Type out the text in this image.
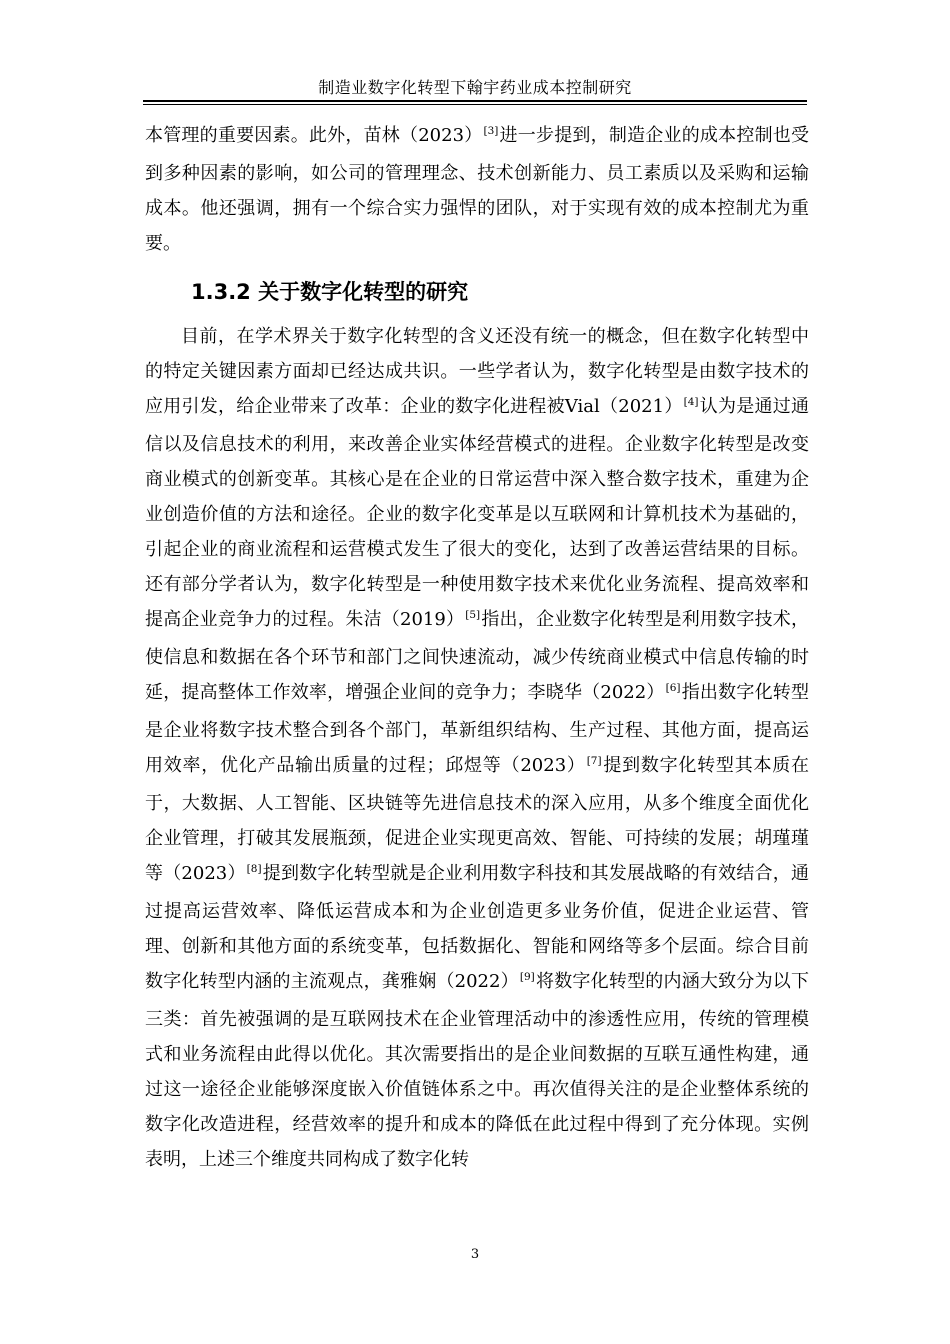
制造业数字化转型下翰宇药业成本控制研究

本管理的重要因素。此外，苗林（2023）[3]进一步提到，制造企业的成本控制也受到多种因素的影响，如公司的管理理念、技术创新能力、员工素质以及采购和运输成本。他还强调，拥有一个综合实力强悍的团队，对于实现有效的成本控制尤为重要。

1.3.2 关于数字化转型的研究

目前，在学术界关于数字化转型的含义还没有统一的概念，但在数字化转型中的特定关键因素方面却已经达成共识。一些学者认为，数字化转型是由数字技术的应用引发，给企业带来了改革：企业的数字化进程被Vial（2021）[4]认为是通过通信以及信息技术的利用，来改善企业实体经营模式的进程。企业数字化转型是改变商业模式的创新变革。其核心是在企业的日常运营中深入整合数字技术，重建为企业创造价值的方法和途径。企业的数字化变革是以互联网和计算机技术为基础的，引起企业的商业流程和运营模式发生了很大的变化，达到了改善运营结果的目标。还有部分学者认为，数字化转型是一种使用数字技术来优化业务流程、提高效率和提高企业竞争力的过程。朱洁（2019）[5]指出，企业数字化转型是利用数字技术，使信息和数据在各个环节和部门之间快速流动，减少传统商业模式中信息传输的时延，提高整体工作效率，增强企业间的竞争力；李晓华（2022）[6]指出数字化转型是企业将数字技术整合到各个部门，革新组织结构、生产过程、其他方面，提高运用效率，优化产品输出质量的过程；邱煜等（2023）[7]提到数字化转型其本质在于，大数据、人工智能、区块链等先进信息技术的深入应用，从多个维度全面优化企业管理，打破其发展瓶颈，促进企业实现更高效、智能、可持续的发展；胡瑾瑾等（2023）[8]提到数字化转型就是企业利用数字科技和其发展战略的有效结合，通过提高运营效率、降低运营成本和为企业创造更多业务价值，促进企业运营、管理、创新和其他方面的系统变革，包括数据化、智能和网络等多个层面。综合目前数字化转型内涵的主流观点，龚雅娴（2022）[9]将数字化转型的内涵大致分为以下三类：首先被强调的是互联网技术在企业管理活动中的渗透性应用，传统的管理模式和业务流程由此得以优化。其次需要指出的是企业间数据的互联互通性构建，通过这一途径企业能够深度嵌入价值链体系之中。再次值得关注的是企业整体系统的数字化改造进程，经营效率的提升和成本的降低在此过程中得到了充分体现。实例表明，上述三个维度共同构成了数字化转

3
